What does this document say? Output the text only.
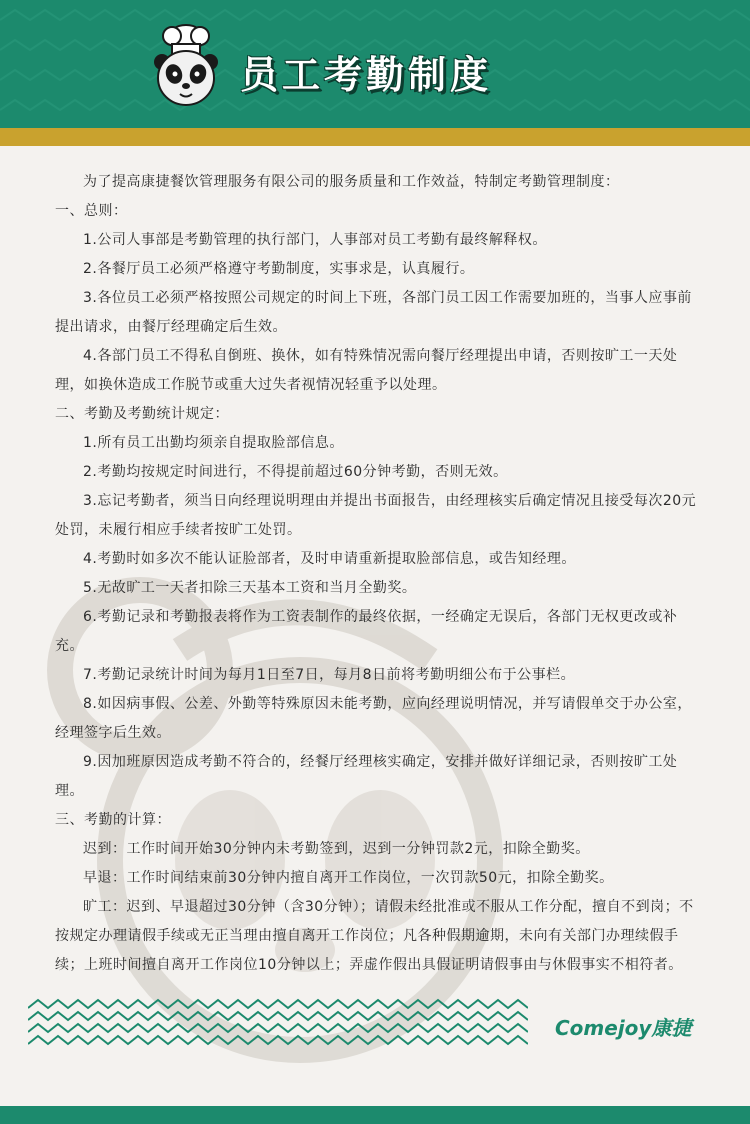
员工考勤制度

为了提高康捷餐饮管理服务有限公司的服务质量和工作效益，特制定考勤管理制度：

一、总则：

1.公司人事部是考勤管理的执行部门，人事部对员工考勤有最终解释权。

2.各餐厅员工必须严格遵守考勤制度，实事求是，认真履行。

3.各位员工必须严格按照公司规定的时间上下班，各部门员工因工作需要加班的，当事人应事前提出请求，由餐厅经理确定后生效。

4.各部门员工不得私自倒班、换休，如有特殊情况需向餐厅经理提出申请，否则按旷工一天处理，如换休造成工作脱节或重大过失者视情况轻重予以处理。

二、考勤及考勤统计规定：

1.所有员工出勤均须亲自提取脸部信息。

2.考勤均按规定时间进行，不得提前超过60分钟考勤，否则无效。

3.忘记考勤者，须当日向经理说明理由并提出书面报告，由经理核实后确定情况且接受每次20元处罚，未履行相应手续者按旷工处罚。

4.考勤时如多次不能认证脸部者，及时申请重新提取脸部信息，或告知经理。

5.无故旷工一天者扣除三天基本工资和当月全勤奖。

6.考勤记录和考勤报表将作为工资表制作的最终依据，一经确定无误后，各部门无权更改或补充。

7.考勤记录统计时间为每月1日至7日，每月8日前将考勤明细公布于公事栏。

8.如因病事假、公差、外勤等特殊原因未能考勤，应向经理说明情况，并写请假单交于办公室，经理签字后生效。

9.因加班原因造成考勤不符合的，经餐厅经理核实确定，安排并做好详细记录，否则按旷工处理。

三、考勤的计算：

迟到：工作时间开始30分钟内未考勤签到，迟到一分钟罚款2元，扣除全勤奖。

早退：工作时间结束前30分钟内擅自离开工作岗位，一次罚款50元，扣除全勤奖。

旷工：迟到、早退超过30分钟（含30分钟）；请假未经批准或不服从工作分配，擅自不到岗；不按规定办理请假手续或无正当理由擅自离开工作岗位；凡各种假期逾期，未向有关部门办理续假手续；上班时间擅自离开工作岗位10分钟以上；弄虚作假出具假证明请假事由与休假事实不相符者。

Comejoy康捷
